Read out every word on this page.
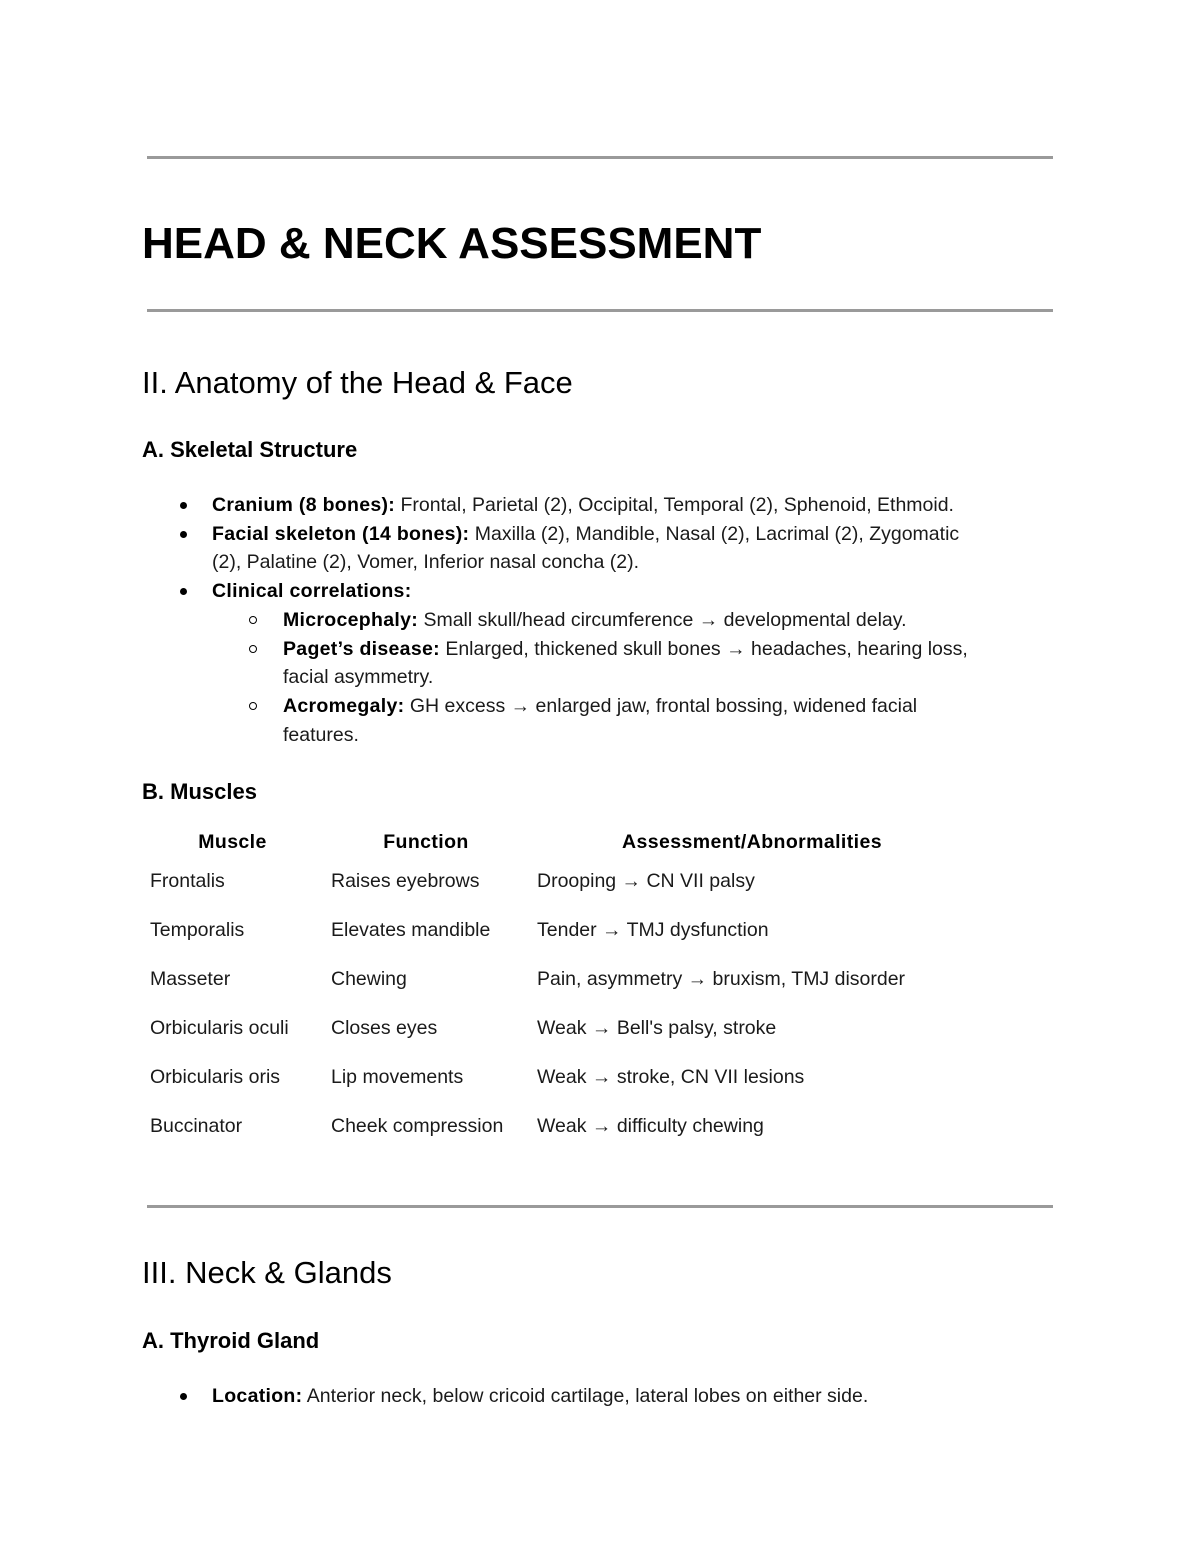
HEAD & NECK ASSESSMENT
II. Anatomy of the Head & Face
A. Skeletal Structure
Cranium (8 bones): Frontal, Parietal (2), Occipital, Temporal (2), Sphenoid, Ethmoid.
Facial skeleton (14 bones): Maxilla (2), Mandible, Nasal (2), Lacrimal (2), Zygomatic
(2), Palatine (2), Vomer, Inferior nasal concha (2).
Clinical correlations:
Microcephaly: Small skull/head circumference → developmental delay.
Paget’s disease: Enlarged, thickened skull bones → headaches, hearing loss,
facial asymmetry.
Acromegaly: GH excess → enlarged jaw, frontal bossing, widened facial
features.
B. Muscles
Muscle	Function	Assessment/Abnormalities
Frontalis	Raises eyebrows	Drooping → CN VII palsy
Temporalis	Elevates mandible	Tender → TMJ dysfunction
Masseter	Chewing	Pain, asymmetry → bruxism, TMJ disorder
Orbicularis oculi	Closes eyes	Weak → Bell's palsy, stroke
Orbicularis oris	Lip movements	Weak → stroke, CN VII lesions
Buccinator	Cheek compression	Weak → difficulty chewing
III. Neck & Glands
A. Thyroid Gland
Location: Anterior neck, below cricoid cartilage, lateral lobes on either side.
